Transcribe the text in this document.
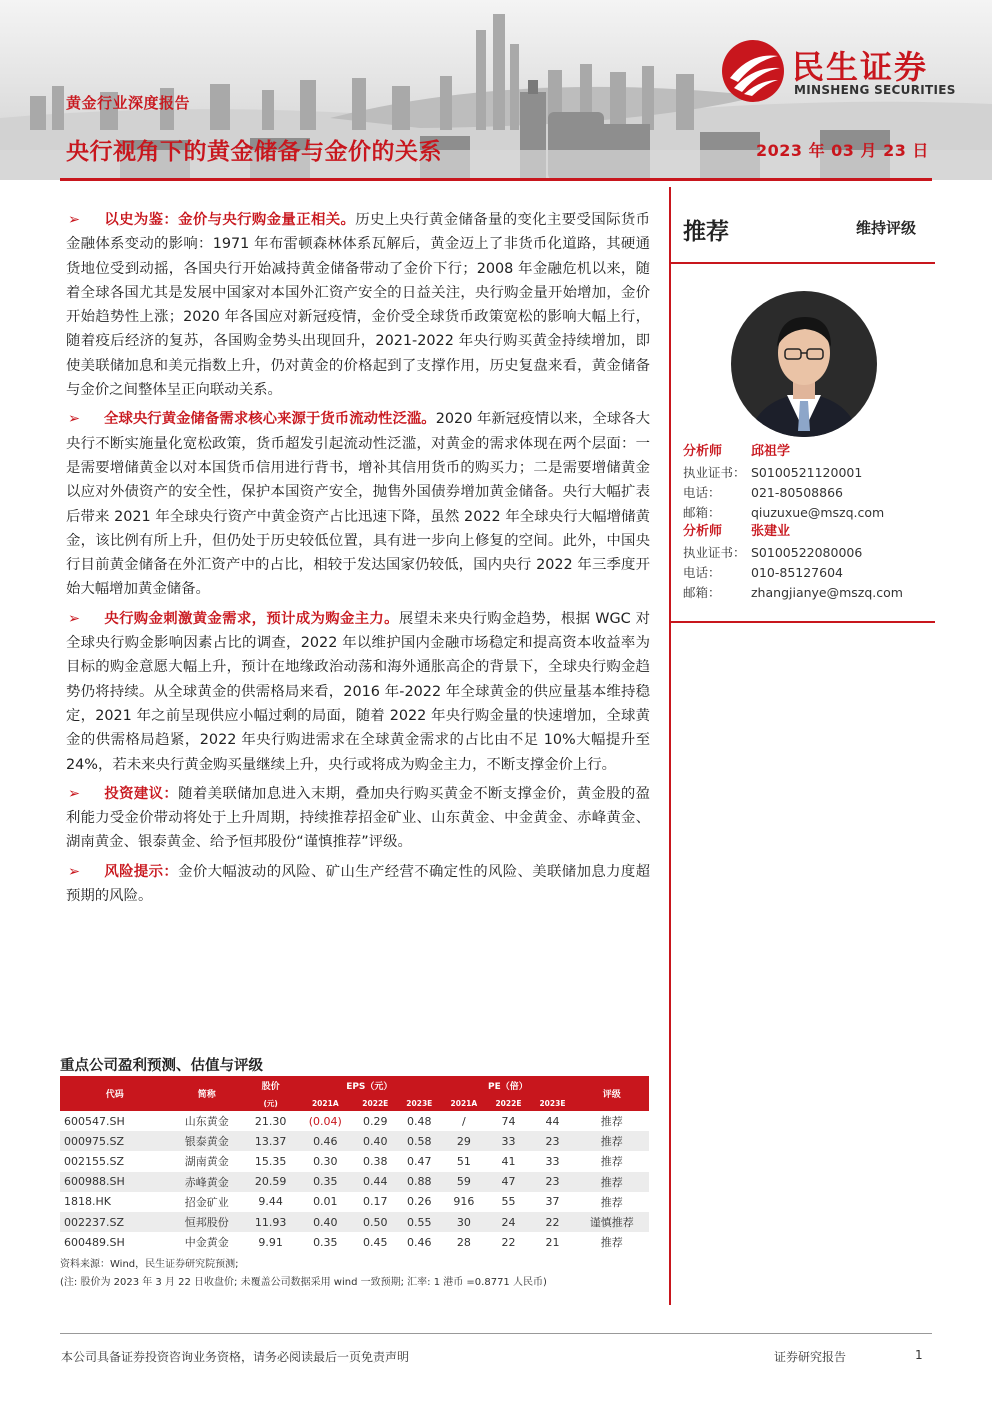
民生证券
MINSHENG SECURITIES
黄金行业深度报告
央行视角下的黄金储备与金价的关系	2023 年 03 月 23 日

➢ 以史为鉴：金价与央行购金量正相关。历史上央行黄金储备量的变化主要受国际货币金融体系变动的影响：1971 年布雷顿森林体系瓦解后，黄金迈上了非货币化道路，其硬通货地位受到动摇，各国央行开始减持黄金储备带动了金价下行；2008 年金融危机以来，随着全球各国尤其是发展中国家对本国外汇资产安全的日益关注，央行购金量开始增加，金价开始趋势性上涨；2020 年各国应对新冠疫情，金价受全球货币政策宽松的影响大幅上行，随着疫后经济的复苏，各国购金势头出现回升，2021-2022 年央行购买黄金持续增加，即使美联储加息和美元指数上升，仍对黄金的价格起到了支撑作用，历史复盘来看，黄金储备与金价之间整体呈正向联动关系。

➢ 全球央行黄金储备需求核心来源于货币流动性泛滥。2020 年新冠疫情以来，全球各大央行不断实施量化宽松政策，货币超发引起流动性泛滥，对黄金的需求体现在两个层面：一是需要增储黄金以对本国货币信用进行背书，增补其信用货币的购买力；二是需要增储黄金以应对外债资产的安全性，保护本国资产安全，抛售外国债券增加黄金储备。央行大幅扩表后带来 2021 年全球央行资产中黄金资产占比迅速下降，虽然 2022 年全球央行大幅增储黄金，该比例有所上升，但仍处于历史较低位置，具有进一步向上修复的空间。此外，中国央行目前黄金储备在外汇资产中的占比，相较于发达国家仍较低，国内央行 2022 年三季度开始大幅增加黄金储备。

➢ 央行购金刺激黄金需求，预计成为购金主力。展望未来央行购金趋势，根据 WGC 对全球央行购金影响因素占比的调查，2022 年以维护国内金融市场稳定和提高资本收益率为目标的购金意愿大幅上升，预计在地缘政治动荡和海外通胀高企的背景下，全球央行购金趋势仍将持续。从全球黄金的供需格局来看，2016 年-2022 年全球黄金的供应量基本维持稳定，2021 年之前呈现供应小幅过剩的局面，随着 2022 年央行购金量的快速增加，全球黄金的供需格局趋紧，2022 年央行购进需求在全球黄金需求的占比由不足 10%大幅提升至 24%，若未来央行黄金购买量继续上升，央行或将成为购金主力，不断支撑金价上行。

➢ 投资建议：随着美联储加息进入末期，叠加央行购买黄金不断支撑金价，黄金股的盈利能力受金价带动将处于上升周期，持续推荐招金矿业、山东黄金、中金黄金、赤峰黄金、湖南黄金、银泰黄金、给予恒邦股份“谨慎推荐”评级。

➢ 风险提示：金价大幅波动的风险、矿山生产经营不确定性的风险、美联储加息力度超预期的风险。

重点公司盈利预测、估值与评级
代码	简称	股价	EPS（元）			PE（倍）			评级
		(元)	2021A	2022E	2023E	2021A	2022E	2023E	
600547.SH	山东黄金	21.30	(0.04)	0.29	0.48	/	74	44	推荐
000975.SZ	银泰黄金	13.37	0.46	0.40	0.58	29	33	23	推荐
002155.SZ	湖南黄金	15.35	0.30	0.38	0.47	51	41	33	推荐
600988.SH	赤峰黄金	20.59	0.35	0.44	0.88	59	47	23	推荐
1818.HK	招金矿业	9.44	0.01	0.17	0.26	916	55	37	推荐
002237.SZ	恒邦股份	11.93	0.40	0.50	0.55	30	24	22	谨慎推荐
600489.SH	中金黄金	9.91	0.35	0.45	0.46	28	22	21	推荐
资料来源：Wind，民生证券研究院预测;
(注: 股价为 2023 年 3 月 22 日收盘价; 未覆盖公司数据采用 wind 一致预期; 汇率: 1 港币 =0.8771 人民币)
推荐	维持评级
分析师 邱祖学
执业证书： S0100521120001
电话： 021-80508866
邮箱： qiuzuxue@mszq.com
分析师 张建业
执业证书： S0100522080006
电话： 010-85127604
邮箱： zhangjianye@mszq.com
本公司具备证券投资咨询业务资格，请务必阅读最后一页免责声明	证券研究报告	1
